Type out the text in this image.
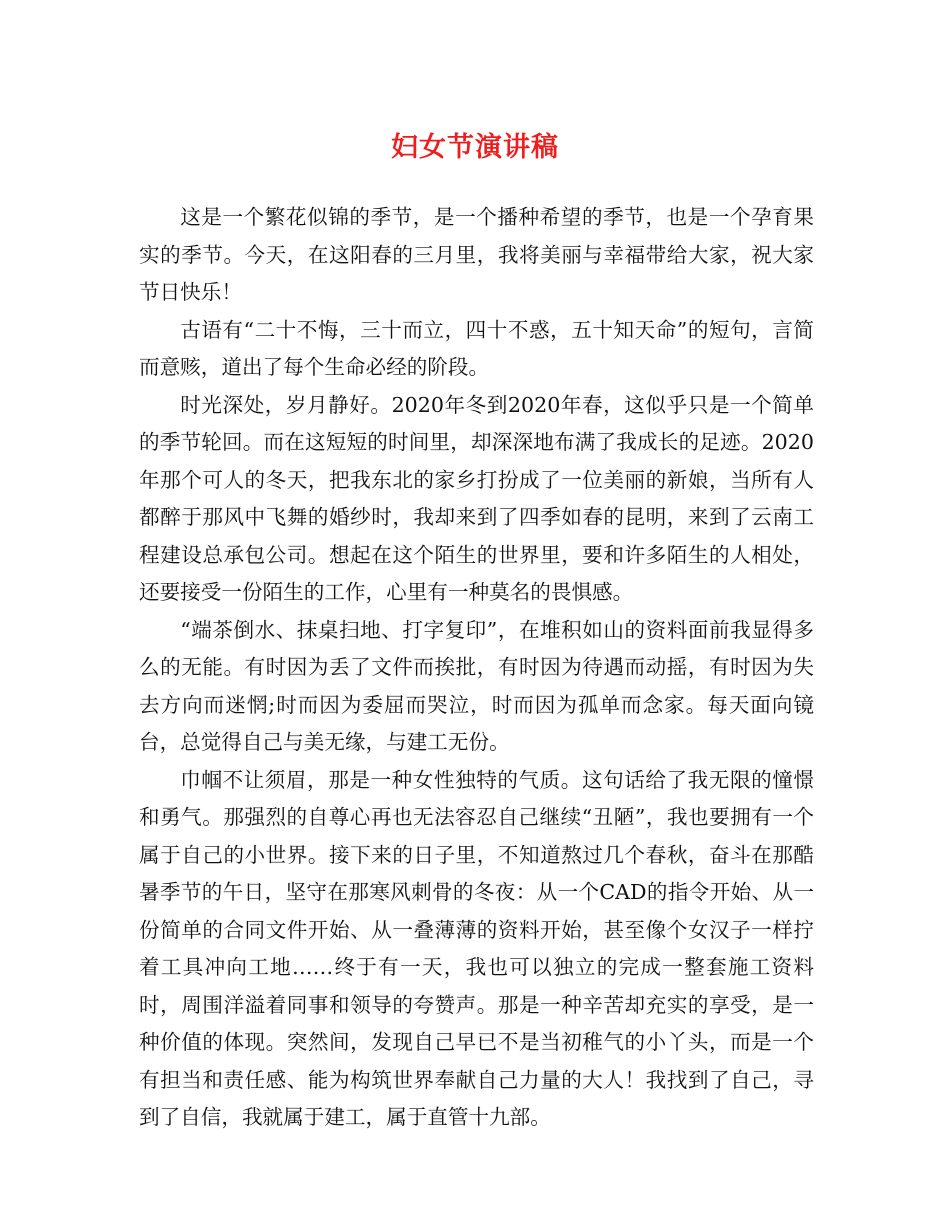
妇女节演讲稿

这是一个繁花似锦的季节，是一个播种希望的季节，也是一个孕育果实的季节。今天，在这阳春的三月里，我将美丽与幸福带给大家，祝大家节日快乐！

古语有“二十不悔，三十而立，四十不惑，五十知天命”的短句，言简而意赅，道出了每个生命必经的阶段。

时光深处，岁月静好。2020年冬到2020年春，这似乎只是一个简单的季节轮回。而在这短短的时间里，却深深地布满了我成长的足迹。2020年那个可人的冬天，把我东北的家乡打扮成了一位美丽的新娘，当所有人都醉于那风中飞舞的婚纱时，我却来到了四季如春的昆明，来到了云南工程建设总承包公司。想起在这个陌生的世界里，要和许多陌生的人相处，还要接受一份陌生的工作，心里有一种莫名的畏惧感。

“端茶倒水、抹桌扫地、打字复印”，在堆积如山的资料面前我显得多么的无能。有时因为丢了文件而挨批，有时因为待遇而动摇，有时因为失去方向而迷惘;时而因为委屈而哭泣，时而因为孤单而念家。每天面向镜台，总觉得自己与美无缘，与建工无份。

巾帼不让须眉，那是一种女性独特的气质。这句话给了我无限的憧憬和勇气。那强烈的自尊心再也无法容忍自己继续“丑陋”，我也要拥有一个属于自己的小世界。接下来的日子里，不知道熬过几个春秋，奋斗在那酷暑季节的午日，坚守在那寒风刺骨的冬夜：从一个CAD的指令开始、从一份简单的合同文件开始、从一叠薄薄的资料开始，甚至像个女汉子一样拧着工具冲向工地……终于有一天，我也可以独立的完成一整套施工资料时，周围洋溢着同事和领导的夸赞声。那是一种辛苦却充实的享受，是一种价值的体现。突然间，发现自己早已不是当初稚气的小丫头，而是一个有担当和责任感、能为构筑世界奉献自己力量的大人！我找到了自己，寻到了自信，我就属于建工，属于直管十九部。
